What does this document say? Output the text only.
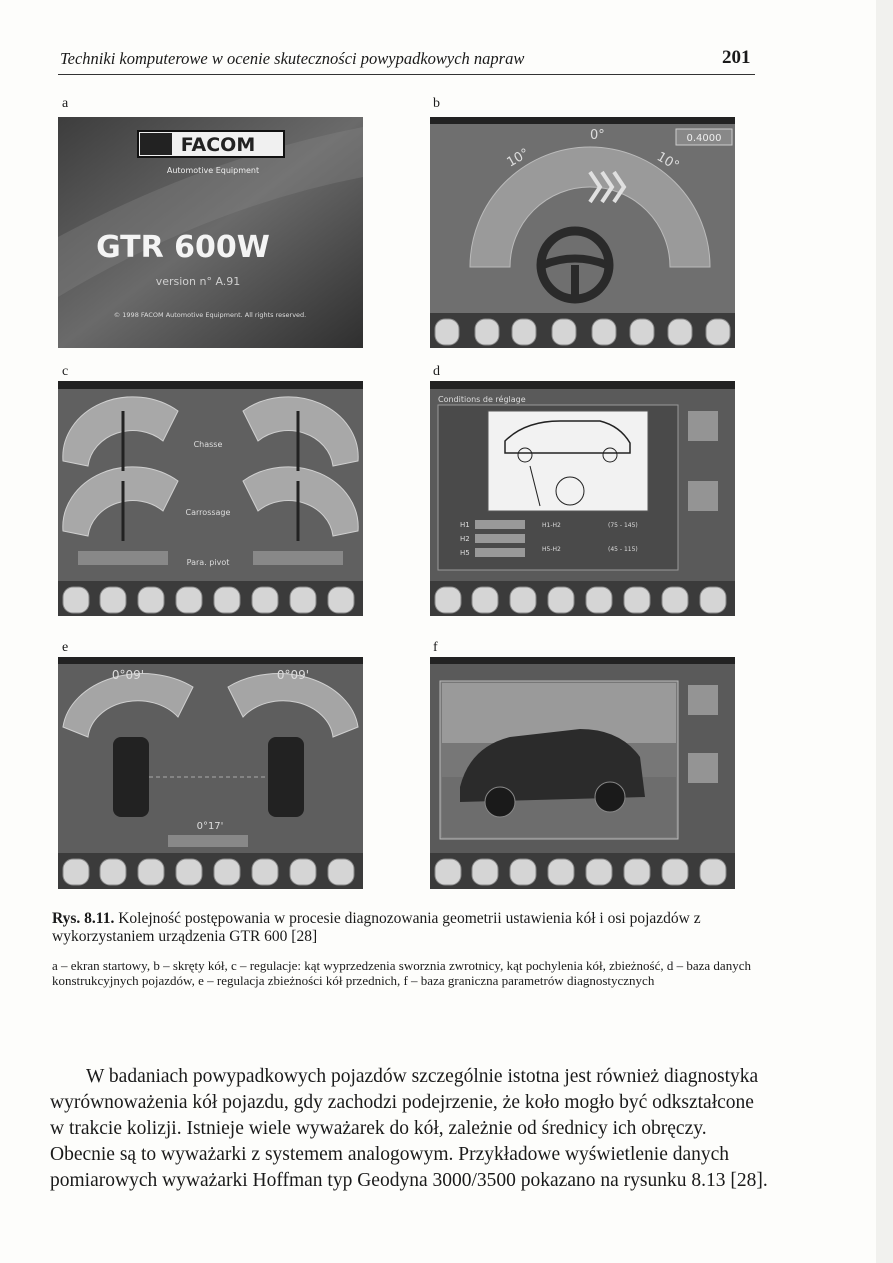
Techniki komputerowe w ocenie skuteczności powypadkowych napraw	201
a	b
c	d
e	f
FACOM
Automotive Equipment
GTR 600W
version n° A.91
© 1998 FACOM Automotive Equipment. All rights reserved.
0.4000
10°
0°
10°
Chasse
Carrossage
Para. pivot
Conditions de réglage
H1
H2
H5
H1-H2	(75 - 145)
H5-H2	(45 - 115)
0°09'	0°09'
0°17'
Rys. 8.11. Kolejność postępowania w procesie diagnozowania geometrii ustawienia kół i osi pojazdów z wykorzystaniem urządzenia GTR 600 [28]
a – ekran startowy, b – skręty kół, c – regulacje: kąt wyprzedzenia sworznia zwrotnicy, kąt pochylenia kół, zbieżność, d – baza danych konstrukcyjnych pojazdów, e – regulacja zbieżności kół przednich, f – baza graniczna parametrów diagnostycznych
W badaniach powypadkowych pojazdów szczególnie istotna jest również diagnostyka wyrównoważenia kół pojazdu, gdy zachodzi podejrzenie, że koło mogło być odkształcone w trakcie kolizji. Istnieje wiele wyważarek do kół, zależnie od średnicy ich obręczy. Obecnie są to wyważarki z systemem analogowym. Przykładowe wyświetlenie danych pomiarowych wyważarki Hoffman typ Geodyna 3000/3500 pokazano na rysunku 8.13 [28].
